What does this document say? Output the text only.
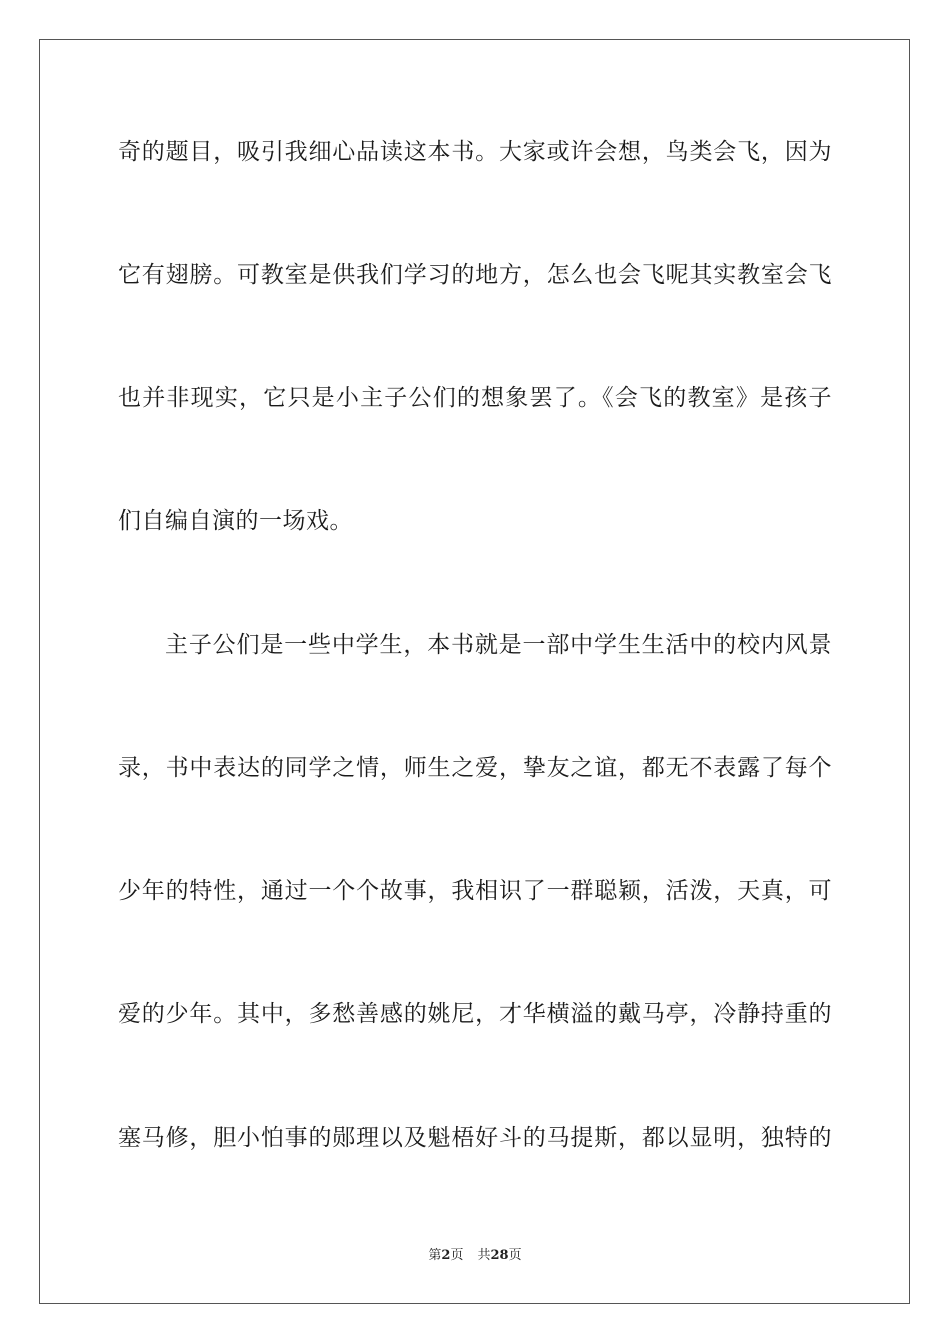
奇的题目，吸引我细心品读这本书。大家或许会想，鸟类会飞，因为
它有翅膀。可教室是供我们学习的地方，怎么也会飞呢其实教室会飞
也并非现实，它只是小主子公们的想象罢了。《会飞的教室》是孩子
们自编自演的一场戏。
主子公们是一些中学生，本书就是一部中学生生活中的校内风景
录，书中表达的同学之情，师生之爱，挚友之谊，都无不表露了每个
少年的特性，通过一个个故事，我相识了一群聪颖，活泼，天真，可
爱的少年。其中，多愁善感的姚尼，才华横溢的戴马亭，冷静持重的
塞马修，胆小怕事的郧理以及魁梧好斗的马提斯，都以显明，独特的
第2页 共28页
